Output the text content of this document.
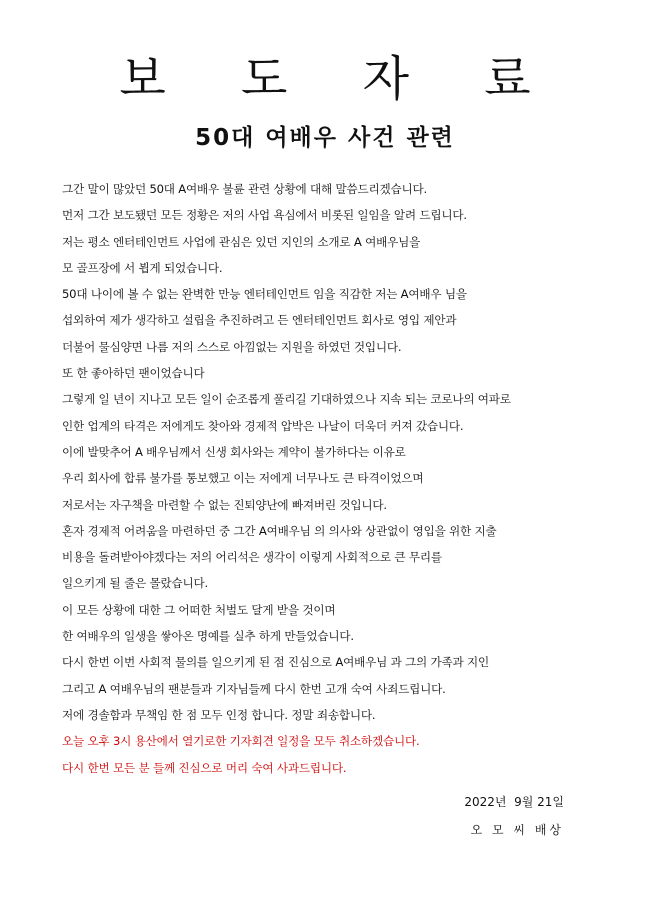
보 도 자 료
50대 여배우 사건 관련
그간 말이 많았던 50대 A여배우 불륜 관련 상황에 대해 말씀드리겠습니다.
먼저 그간 보도됐던 모든 정황은 저의 사업 욕심에서 비롯된 일임을 알려 드립니다.
저는 평소 엔터테인먼트 사업에 관심은 있던 지인의 소개로 A 여배우님을
모 골프장에 서 뵙게 되었습니다.
50대 나이에 볼 수 없는 완벽한 만능 엔터테인먼트 임을 직감한 저는 A여배우 님을
섭외하여 제가 생각하고 설립을 추진하려고 든 엔터테인먼트 회사로 영입 제안과
더불어 물심양면 나름 저의 스스로 아낌없는 지원을 하였던 것입니다.
또 한 좋아하던 팬이었습니다
그렇게 일 년이 지나고 모든 일이 순조롭게 풀리길 기대하였으나 지속 되는 코로나의 여파로
인한 업계의 타격은 저에게도 찾아와 경제적 압박은 나날이 더욱더 커져 갔습니다.
이에 발맞추어 A 배우님께서 신생 회사와는 계약이 불가하다는 이유로
우리 회사에 합류 불가를 통보했고 이는 저에게 너무나도 큰 타격이었으며
저로서는 자구책을 마련할 수 없는 진퇴양난에 빠져버린 것입니다.
혼자 경제적 어려움을 마련하던 중 그간 A여배우님 의 의사와 상관없이 영입을 위한 지출
비용을 돌려받아야겠다는 저의 어리석은 생각이 이렇게 사회적으로 큰 무리를
일으키게 될 줄은 몰랐습니다.
이 모든 상황에 대한 그 어떠한 처벌도 달게 받을 것이며
한 여배우의 일생을 쌓아온 명예를 실추 하게 만들었습니다.
다시 한번 이번 사회적 물의를 일으키게 된 점 진심으로 A여배우님 과 그의 가족과 지인
그리고 A 여배우님의 팬분들과 기자님들께 다시 한번 고개 숙여 사죄드립니다.
저에 경솔함과 무책임 한 점 모두 인정 합니다. 정말 죄송합니다.
오늘 오후 3시 용산에서 열기로한 기자회견 일정을 모두 취소하겠습니다.
다시 한번 모든 분 들께 진심으로 머리 숙여 사과드립니다.
2022년  9월 21일
오 모 씨 배상
